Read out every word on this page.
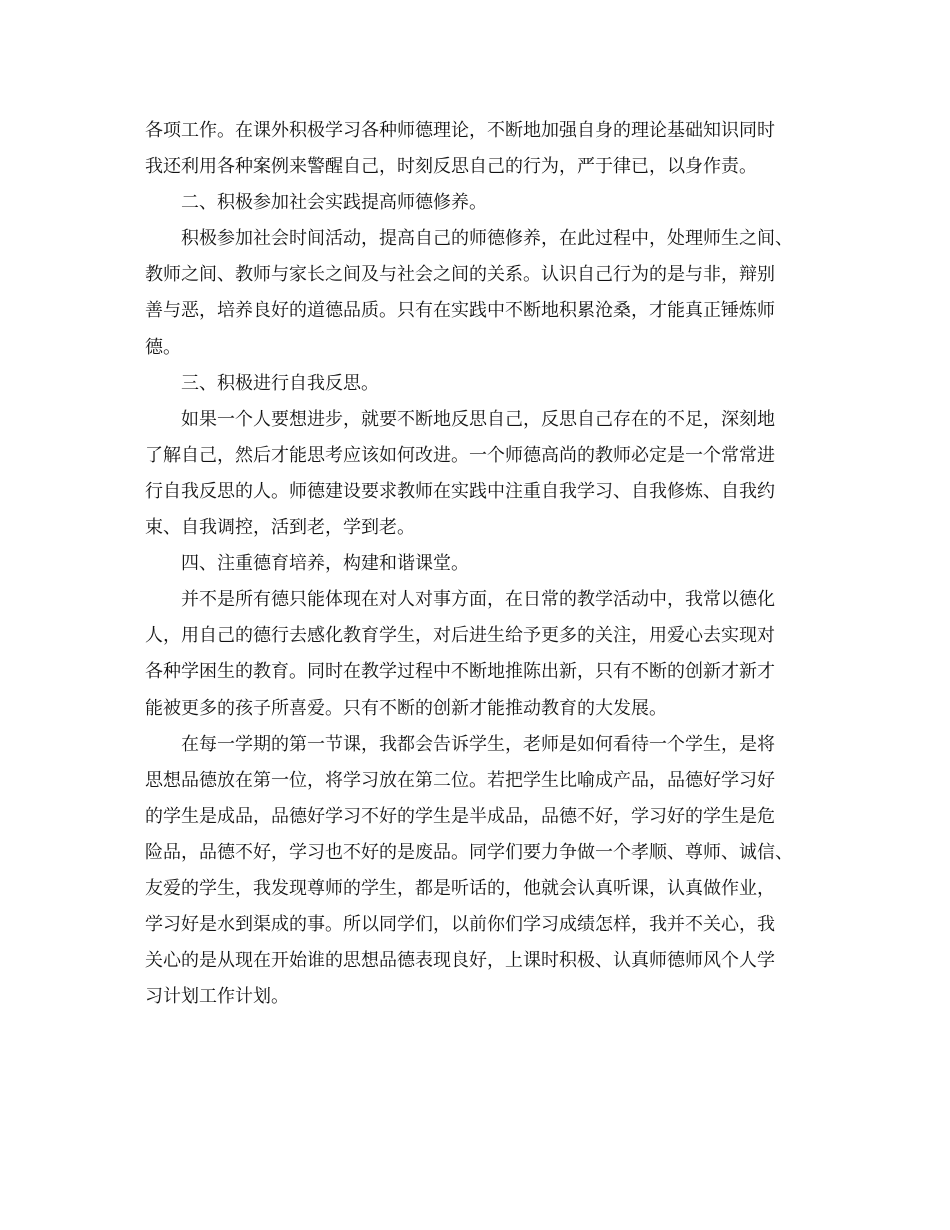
各项工作。在课外积极学习各种师德理论，不断地加强自身的理论基础知识同时
我还利用各种案例来警醒自己，时刻反思自己的行为，严于律已，以身作责。
二、积极参加社会实践提高师德修养。
积极参加社会时间活动，提高自己的师德修养，在此过程中，处理师生之间、
教师之间、教师与家长之间及与社会之间的关系。认识自己行为的是与非，辩别
善与恶，培养良好的道德品质。只有在实践中不断地积累沧桑，才能真正锤炼师
德。
三、积极进行自我反思。
如果一个人要想进步，就要不断地反思自己，反思自己存在的不足，深刻地
了解自己，然后才能思考应该如何改进。一个师德高尚的教师必定是一个常常进
行自我反思的人。师德建设要求教师在实践中注重自我学习、自我修炼、自我约
束、自我调控，活到老，学到老。
四、注重德育培养，构建和谐课堂。
并不是所有德只能体现在对人对事方面，在日常的教学活动中，我常以德化
人，用自己的德行去感化教育学生，对后进生给予更多的关注，用爱心去实现对
各种学困生的教育。同时在教学过程中不断地推陈出新，只有不断的创新才新才
能被更多的孩子所喜爱。只有不断的创新才能推动教育的大发展。
在每一学期的第一节课，我都会告诉学生，老师是如何看待一个学生，是将
思想品德放在第一位，将学习放在第二位。若把学生比喻成产品，品德好学习好
的学生是成品，品德好学习不好的学生是半成品，品德不好，学习好的学生是危
险品，品德不好，学习也不好的是废品。同学们要力争做一个孝顺、尊师、诚信、
友爱的学生，我发现尊师的学生，都是听话的，他就会认真听课，认真做作业，
学习好是水到渠成的事。所以同学们，以前你们学习成绩怎样，我并不关心，我
关心的是从现在开始谁的思想品德表现良好，上课时积极、认真师德师风个人学
习计划工作计划。
